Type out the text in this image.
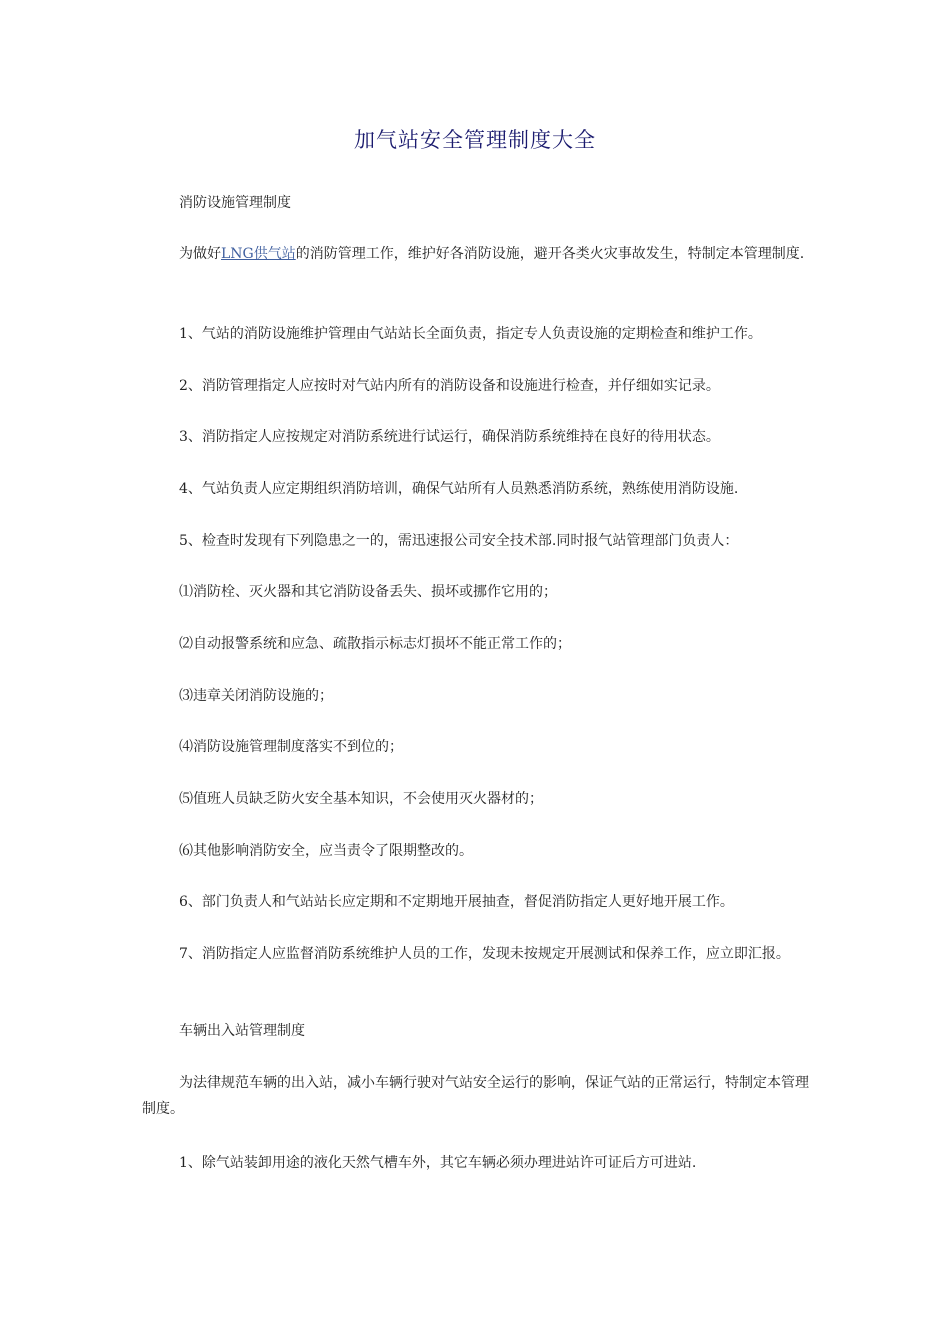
加气站安全管理制度大全

消防设施管理制度

为做好LNG供气站的消防管理工作，维护好各消防设施，避开各类火灾事故发生，特制定本管理制度.

1、气站的消防设施维护管理由气站站长全面负责，指定专人负责设施的定期检查和维护工作。

2、消防管理指定人应按时对气站内所有的消防设备和设施进行检查，并仔细如实记录。

3、消防指定人应按规定对消防系统进行试运行，确保消防系统维持在良好的待用状态。

4、气站负责人应定期组织消防培训，确保气站所有人员熟悉消防系统，熟练使用消防设施.

5、检查时发现有下列隐患之一的，需迅速报公司安全技术部.同时报气站管理部门负责人：

⑴消防栓、灭火器和其它消防设备丢失、损坏或挪作它用的；

⑵自动报警系统和应急、疏散指示标志灯损坏不能正常工作的；

⑶违章关闭消防设施的；

⑷消防设施管理制度落实不到位的；

⑸值班人员缺乏防火安全基本知识，不会使用灭火器材的；

⑹其他影响消防安全，应当责令了限期整改的。

6、部门负责人和气站站长应定期和不定期地开展抽查，督促消防指定人更好地开展工作。

7、消防指定人应监督消防系统维护人员的工作，发现未按规定开展测试和保养工作，应立即汇报。

车辆出入站管理制度

为法律规范车辆的出入站，减小车辆行驶对气站安全运行的影响，保证气站的正常运行，特制定本管理制度。

1、除气站装卸用途的液化天然气槽车外，其它车辆必须办理进站许可证后方可进站.
